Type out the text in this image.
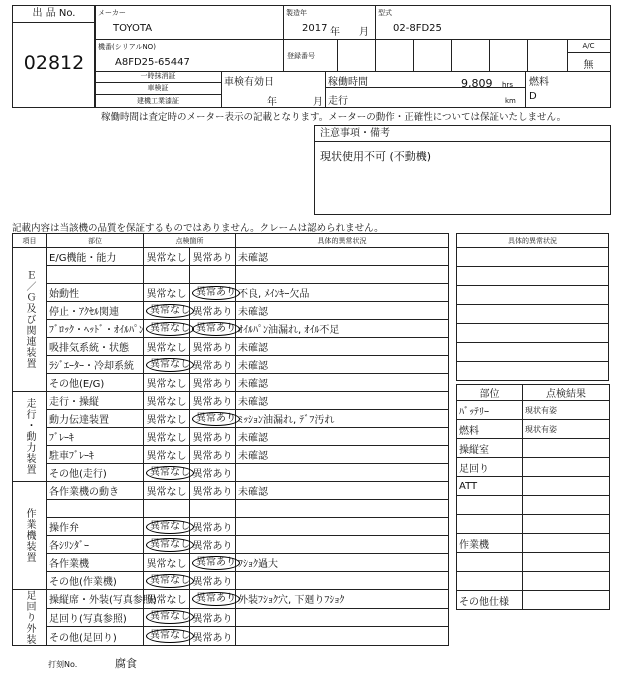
出 品 No.
02812
メーカー
TOYOTA
製造年
2017 年 月
型式
02-8FD25
機番(シリアルNO)
A8FD25-65447
登録番号
A/C
無
一時抹消証
車検証
建機工業漆証
車検有効日
年	月
稼働時間	9,809 hrs
走行	km
燃料
D
稼働時間は査定時のメーター表示の記載となります。メーターの動作・正確性については保証いたしません。
注意事項・備考
現状使用不可 (不動機)
記載内容は当該機の品質を保証するものではありません。クレームは認められません。
項目	部位	点検箇所		具体的異常状況

Ｅ／Ｇ及び関連装置	E/G機能・能力	異常なし	異常あり	未確認

	始動性	異常なし	異常あり	不良, ﾒｲﾝｷｰ欠品
	停止・ｱｸｾﾙ関連	異常なし	異常あり	未確認
	ﾌﾞﾛｯｸ・ﾍｯﾄﾞ・ｵｲﾙﾊﾟﾝ	異常なし	異常あり	ｵｲﾙﾊﾟﾝ油漏れ, ｵｲﾙ不足
	吸排気系統・状態	異常なし	異常あり	未確認
	ﾗｼﾞｴｰﾀｰ・冷却系統	異常なし	異常あり	未確認
	その他(E/G)	異常なし	異常あり	未確認

走行・動力装置	走行・操縦	異常なし	異常あり	未確認
	動力伝達装置	異常なし	異常あり	ﾐｯｼｮﾝ油漏れ, ﾃﾞﾌ汚れ
	ﾌﾞﾚｰｷ	異常なし	異常あり	未確認
	駐車ﾌﾞﾚｰｷ	異常なし	異常あり	未確認
	その他(走行)	異常なし	異常あり	

作業機装置	各作業機の動き	異常なし	異常あり	未確認

	操作弁	異常なし	異常あり	
	各ｼﾘﾝﾀﾞｰ	異常なし	異常あり	
	各作業機	異常なし	異常あり	ﾌｼｮｸ過大
	その他(作業機)	異常なし	異常あり	

足回り外装	操縦席・外装(写真参照)	異常なし	異常あり	外装ﾌｼｮｸ穴, 下廻りﾌｼｮｸ
	足回り(写真参照)	異常なし	異常あり	
	その他(足回り)	異常なし	異常あり	
具体的異常状況

部位	点検結果
ﾊﾞｯﾃﾘｰ	現状有姿
燃料	現状有姿
操縦室	
足回り	
ATT	

作業機	

その他仕様	
打刻No.	腐食
